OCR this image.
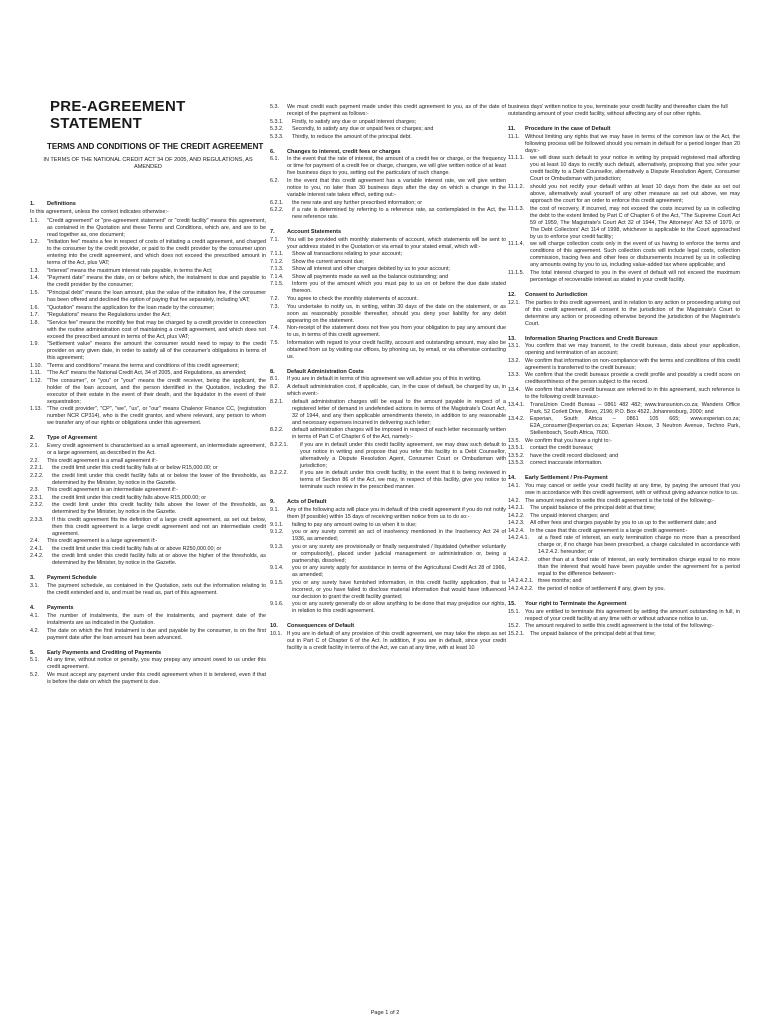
PRE-AGREEMENT STATEMENT
TERMS AND CONDITIONS OF THE CREDIT AGREEMENT
IN TERMS OF THE NATIONAL CREDIT ACT 34 OF 2005, AND REGULATIONS, AS AMENDED
1.	Definitions
In this agreement, unless the context indicates otherwise:-
1.1.	"Credit agreement" or "pre-agreement statement" or "credit facility" means this agreement, as contained in the Quotation and these Terms and Conditions, which are, and are to be read together as, one document;
1.2.	"Initiation fee" means a fee in respect of costs of initiating a credit agreement, and charged to the consumer by the credit provider, or paid to the credit provider by the consumer upon entering into the credit agreement, and which does not exceed the prescribed amount in terms of the Act, plus VAT;
1.3.	"Interest" means the maximum interest rate payable, in terms the Act;
1.4.	"Payment date" means the date, on or before which, the instalment is due and payable to the credit provider by the consumer;
1.5.	"Principal debt" means the loan amount, plus the value of the initiation fee, if the consumer has been offered and declined the option of paying that fee separately, including VAT;
1.6.	"Quotation" means the application for the loan made by the consumer;
1.7.	"Regulations" means the Regulations under the Act;
1.8.	"Service fee" means the monthly fee that may be charged by a credit provider in connection with the routine administration cost of maintaining a credit agreement, and which does not exceed the prescribed amount in terms of the Act, plus VAT;
1.9.	"Settlement value" means the amount the consumer would need to repay to the credit provider on any given date, in order to satisfy all of the consumer's obligations in terms of this agreement;
1.10. "Terms and conditions" means the terms and conditions of this credit agreement;
1.11.	"The Act" means the National Credit Act, 34 of 2005, and Regulations, as amended;
1.12. "The consumer", or "you" or "your" means the credit receiver, being the applicant, the holder of the loan account, and the person identified in the Quotation, including the executor of their estate in the event of their death, and the liquidator in the event of their sequestration;
1.13. "The credit provider", "CP", "we", "us", or "our" means Chalenor Finance CC, (registration number NCR CP314), who is the credit grantor, and where relevant, any person to whom we transfer any of our rights or obligations under this agreement.
2.	Type of Agreement
2.1.	Every credit agreement is characterised as a small agreement, an intermediate agreement, or a large agreement, as described in the Act.
2.2.	This credit agreement is a small agreement if:-
2.2.1.	the credit limit under this credit facility falls at or below R15,000.00; or
2.2.2.	the credit limit under this credit facility falls at or below the lower of the thresholds, as determined by the Minister, by notice in the Gazette.
2.3.	This credit agreement is an intermediate agreement if:-
2.3.1.	the credit limit under this credit facility falls above R15,000.00; or
2.3.2.	the credit limit under this credit facility falls above the lower of the thresholds, as determined by the Minister, by notice in the Gazette.
2.3.3.	If this credit agreement fits the definition of a large credit agreement, as set out below, then this credit agreement is a large credit agreement and not an intermediate credit agreement.
2.4.	This credit agreement is a large agreement if:-
2.4.1.	the credit limit under this credit facility falls at or above R250,000.00; or
2.4.2.	the credit limit under this credit facility falls at or above the higher of the thresholds, as determined by the Minister, by notice in the Gazette.
3.	Payment Schedule
3.1.	The payment schedule, as contained in the Quotation, sets out the information relating to the credit extended and is, and must be read as, part of this agreement.
4.	Payments
4.1.	The number of instalments, the sum of the instalments, and payment date of the instalments are as indicated in the Quotation.
4.2.	The date on which the first instalment is due and payable by the consumer, is on the first payment date after the loan amount has been advanced.
5.	Early Payments and Crediting of Payments
5.1.	At any time, without notice or penalty, you may prepay any amount owed to us under this credit agreement.
5.2.	We must accept any payment under this credit agreement when it is tendered, even if that is before the date on which the payment is due.
5.3.	We must credit each payment made under this credit agreement to you, as of the date of receipt of the payment as follows:-
5.3.1.	Firstly, to satisfy any due or unpaid interest charges;
5.3.2.	Secondly, to satisfy any due or unpaid fees or charges; and
5.3.3.	Thirdly, to reduce the amount of the principal debt.
6.	Changes to interest, credit fees or charges
6.1.	In the event that the rate of interest, the amount of a credit fee or charge, or the frequency or time for payment of a credit fee or charge, changes, we will give written notice of at least five business days to you, setting out the particulars of such change.
6.2.	In the event that this credit agreement has a variable interest rate, we will give written notice to you, no later than 30 business days after the day on which a change in the variable interest rate takes effect, setting out:-
6.2.1.	the new rate and any further prescribed information; or
6.2.2.	if a rate is determined by referring to a reference rate, as contemplated in the Act, the new reference rate.
7.	Account Statements
7.1.	You will be provided with monthly statements of account, which statements will be sent to your address stated in the Quotation or via email to your stated email, which will:-
7.1.1.	Show all transactions relating to your account;
7.1.2.	Show the current amount due;
7.1.3.	Show all interest and other charges debited by us to your account;
7.1.4.	Show all payments made as well as the balance outstanding; and
7.1.5.	Inform you of the amount which you must pay to us on or before the due date stated thereon.
7.2.	You agree to check the monthly statements of account.
7.3.	You undertake to notify us, in writing, within 30 days of the date on the statement, or as soon as reasonably possible thereafter, should you deny your liability for any debit appearing on the statement.
7.4.	Non-receipt of the statement does not free you from your obligation to pay any amount due to us, in terms of this credit agreement.
7.5.	Information with regard to your credit facility, account and outstanding amount, may also be obtained from us by visiting our offices, by phoning us, by email, or via otherwise contacting us.
8.	Default Administration Costs
8.1.	If you are in default in terms of this agreement we will advise you of this in writing.
8.2.	A default administration cost, if applicable, can, in the case of default, be charged by us, in which event:-
8.2.1.	default administration charges will be equal to the amount payable in respect of a registered letter of demand in undefended actions in terms of the Magistrate's Court Act, 32 of 1944, and any then applicable amendments thereto, in addition to any reasonable and necessary expenses incurred in delivering such letter;
8.2.2.	default administration charges will be imposed in respect of each letter necessarily written in terms of Part C of Chapter 6 of the Act, namely:-
8.2.2.1.	if you are in default under this credit facility agreement, we may draw such default to your notice in writing and propose that you refer this facility to a Debt Counsellor, alternatively a Dispute Resolution Agent, Consumer Court or Ombudsman with jurisdiction;
8.2.2.2.	if you are in default under this credit facility, in the event that it is being reviewed in terms of Section 86 of the Act, we may, in respect of this facility, give you notice to terminate such review in the prescribed manner.
9.	Acts of Default
9.1.	Any of the following acts will place you in default of this credit agreement if you do not notify them (if possible) within 15 days of receiving written notice from us to do so:-
9.1.1.	failing to pay any amount owing to us when it is due;
9.1.2.	you or any surety commit an act of insolvency mentioned in the Insolvency Act 24 of 1936, as amended;
9.1.3.	you or any surety are provisionally or finally sequestrated / liquidated (whether voluntarily or compulsorily), placed under judicial management or administration or, being a partnership, dissolved;
9.1.4.	you or any surety apply for assistance in terms of the Agricultural Credit Act 28 of 1966, as amended;
9.1.5.	you or any surety have furnished information, in this credit facility application, that is incorrect, or you have failed to disclose material information that would have influenced our decision to grant the credit facility granted;
9.1.6.	you or any surety generally do or allow anything to be done that may prejudice our rights, in relation to this credit agreement.
10.	Consequences of Default
10.1. If you are in default of any provision of this credit agreement, we may take the steps as set out in Part C of Chapter 6 of the Act. In addition, if you are in default, since your credit facility is a credit facility in terms of the Act, we can at any time, with at least 10
business days' written notice to you, terminate your credit facility and thereafter claim the full outstanding amount of your credit facility, without affecting any of our other rights.
11.	Procedure in the case of Default
11.1.	Without limiting any rights that we may have in terms of the common law or the Act, the following process will be followed should you remain in default for a period longer than 20 days:-
11.1.1.	we will draw such default to your notice in writing by prepaid registered mail affording you at least 10 days to rectify such default, alternatively, proposing that you refer your credit facility to a Debt Counsellor, alternatively a Dispute Resolution Agent, Consumer Court or Ombudsman with jurisdiction;
11.1.2.	should you not rectify your default within at least 10 days from the date as set out above, alternatively avail yourself of any other measure as set out above, we may approach the court for an order to enforce this credit agreement;
11.1.3.	the cost of recovery, if incurred, may not exceed the costs incurred by us in collecting the debt to the extent limited by Part C of Chapter 6 of the Act, "The Supreme Court Act 59 of 1959, The Magistrate's Court Act 32 of 1944, The Attorneys' Act 53 of 1979, or The Debt Collectors' Act 114 of 1998, whichever is applicable to the Court approached by us to enforce your credit facility;
11.1.4.	we will charge collection costs only in the event of us having to enforce the terms and conditions of this agreement. Such collection costs will include legal costs, collection commission, tracing fees and other fees or disbursements incurred by us in collecting any amounts owing by you to us, including value-added tax where applicable; and
11.1.5.	The total interest charged to you in the event of default will not exceed the maximum percentage of recoverable interest as stated in your credit facility.
12.	Consent to Jurisdiction
12.1. The parties to this credit agreement, and in relation to any action or proceeding arising out of this credit agreement, all consent to the jurisdiction of the Magistrate's Court to determine any action or proceeding otherwise beyond the jurisdiction of the Magistrate's Court.
13.	Information Sharing Practices and Credit Bureaux
13.1. You confirm that we may transmit, to the credit bureaux, data about your application, opening and termination of an account;
13.2. We confirm that information on non-compliance with the terms and conditions of this credit agreement is transferred to the credit bureaux;
13.3. We confirm that the credit bureaux provide a credit profile and possibly a credit score on creditworthiness of the person subject to the record.
13.4. We confirm that where credit bureaux are referred to in this agreement, such reference is to the following credit bureaux:-
13.4.1.	TransUnion Credit Bureau – 0861 482 482; www.transunion.co.za; Wanders Office Park, 52 Corlett Drive, Illovo, 2196; P.O. Box 4522, Johannesburg, 2000; and
13.4.2.	Experian, South Africa – 0861 105 665; www.experian.co.za; E2A_consumer@experian.co.za; Experian House, 3 Neutron Avenue, Techno Park, Stellenbosch, South Africa, 7600.
13.5. We confirm that you have a right to:-
13.5.1.	contact the credit bureaux;
13.5.2.	have the credit record disclosed; and
13.5.3.	correct inaccurate information.
14.	Early Settlement / Pre-Payment
14.1. You may cancel or settle your credit facility at any time, by paying the amount that you owe in accordance with this credit agreement, with or without giving advance notice to us.
14.2. The amount required to settle this credit agreement is the total of the following:-
14.2.1.	The unpaid balance of the principal debt at that time;
14.2.2.	The unpaid interest charges; and
14.2.3.	All other fees and charges payable by you to us up to the settlement date; and
14.2.4.	In the case that this credit agreement is a large credit agreement:-
14.2.4.1.	at a fixed rate of interest, an early termination charge no more than a prescribed charge or, if no charge has been prescribed, a charge calculated in accordance with 14.2.4.2. hereunder; or
14.2.4.2.	other than at a fixed rate of interest, an early termination charge equal to no more than the interest that would have been payable under the agreement for a period equal to the difference between:-
14.2.4.2.1. three months; and
14.2.4.2.2. the period of notice of settlement if any, given by you.
15.	Your right to Terminate the Agreement
15.1. You are entitled to terminate this agreement by settling the amount outstanding in full, in respect of your credit facility at any time with or without advance notice to us.
15.2. The amount required to settle this credit agreement is the total of the following:-
15.2.1.	The unpaid balance of the principal debt at that time;
Page 1 of 2
